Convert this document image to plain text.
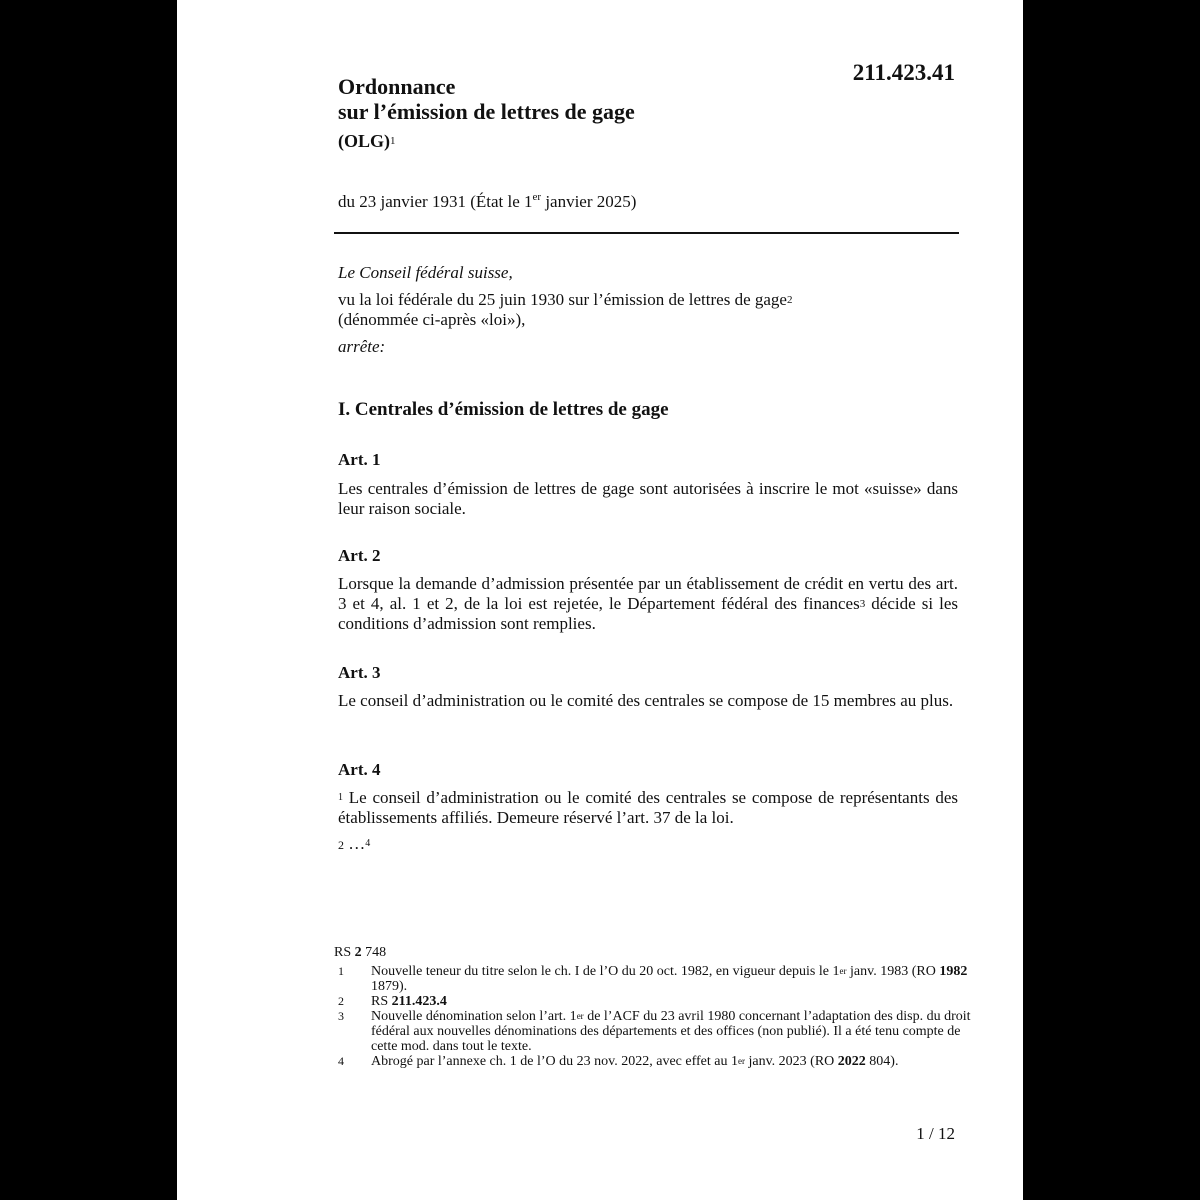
211.423.41
Ordonnance
sur l’émission de lettres de gage
(OLG)$^1$
du 23 janvier 1931 (État le 1er janvier 2025)

Le Conseil fédéral suisse,

vu la loi fédérale du 25 juin 1930 sur l’émission de lettres de gage$^2$
(dénommée ci-après «loi»),

arrête:

I. Centrales d’émission de lettres de gage
Art. 1
Les centrales d’émission de lettres de gage sont autorisées à inscrire le mot «suisse» dans leur raison sociale.
Art. 2
Lorsque la demande d’admission présentée par un établissement de crédit en vertu des art. 3 et 4, al. 1 et 2, de la loi est rejetée, le Département fédéral des finances$^3$ décide si les conditions d’admission sont remplies.
Art. 3
Le conseil d’administration ou le comité des centrales se compose de 15 membres au plus.
Art. 4
$^1$ Le conseil d’administration ou le comité des centrales se compose de représentants des établissements affiliés. Demeure réservé l’art. 37 de la loi.
2 …$^4$
RS 2 748
1	Nouvelle teneur du titre selon le ch. I de l’O du 20 oct. 1982, en vigueur depuis le 1er janv. 1983 (RO 1982 1879).
2	RS 211.423.4
3	Nouvelle dénomination selon l’art. 1er de l’ACF du 23 avril 1980 concernant l’adaptation des disp. du droit fédéral aux nouvelles dénominations des départements et des offices (non publié). Il a été tenu compte de cette mod. dans tout le texte.
4	Abrogé par l’annexe ch. 1 de l’O du 23 nov. 2022, avec effet au 1er janv. 2023 (RO 2022 804).
1 / 12
